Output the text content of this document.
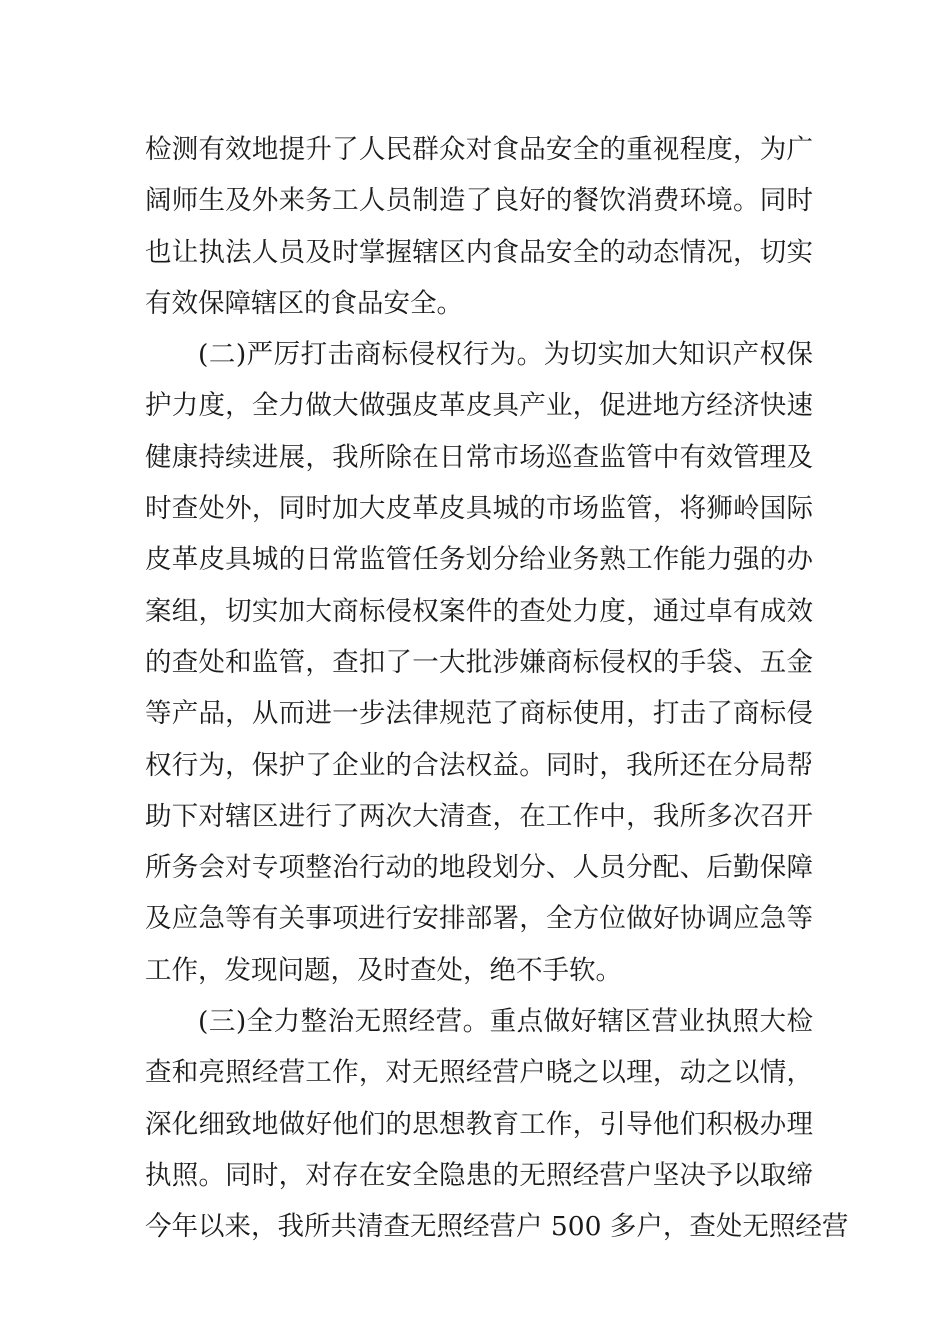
检测有效地提升了人民群众对食品安全的重视程度，为广
阔师生及外来务工人员制造了良好的餐饮消费环境。同时
也让执法人员及时掌握辖区内食品安全的动态情况，切实
有效保障辖区的食品安全。
(二)严厉打击商标侵权行为。为切实加大知识产权保
护力度，全力做大做强皮革皮具产业，促进地方经济快速
健康持续进展，我所除在日常市场巡查监管中有效管理及
时查处外，同时加大皮革皮具城的市场监管，将狮岭国际
皮革皮具城的日常监管任务划分给业务熟工作能力强的办
案组，切实加大商标侵权案件的查处力度，通过卓有成效
的查处和监管，查扣了一大批涉嫌商标侵权的手袋、五金
等产品，从而进一步法律规范了商标使用，打击了商标侵
权行为，保护了企业的合法权益。同时，我所还在分局帮
助下对辖区进行了两次大清查，在工作中，我所多次召开
所务会对专项整治行动的地段划分、人员分配、后勤保障
及应急等有关事项进行安排部署，全方位做好协调应急等
工作，发现问题，及时查处，绝不手软。
(三)全力整治无照经营。重点做好辖区营业执照大检
查和亮照经营工作，对无照经营户晓之以理，动之以情，
深化细致地做好他们的思想教育工作，引导他们积极办理
执照。同时，对存在安全隐患的无照经营户坚决予以取缔
今年以来，我所共清查无照经营户 500 多户，查处无照经营
